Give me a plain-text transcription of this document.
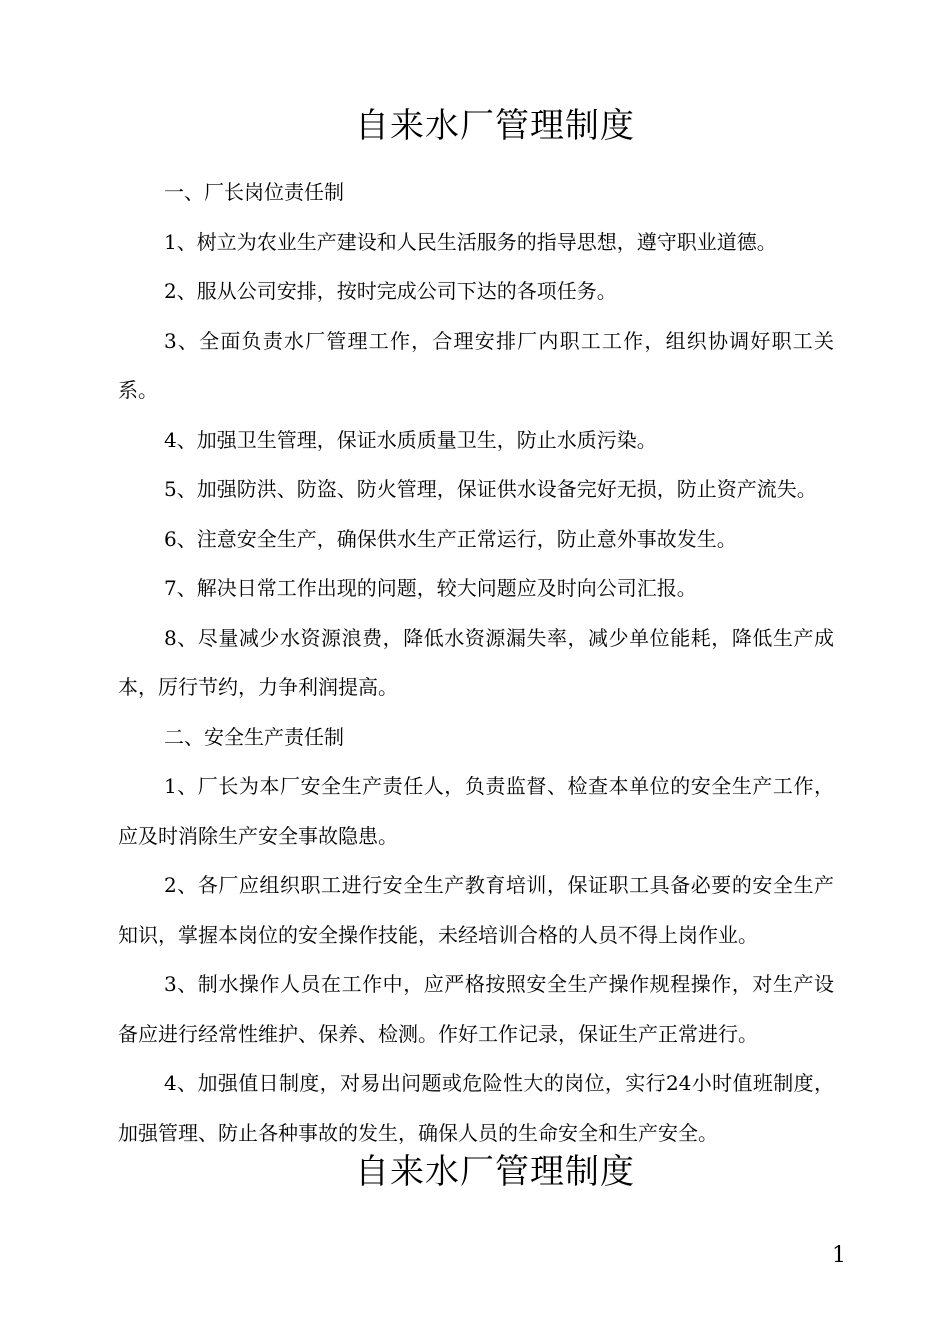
自来水厂管理制度

一、厂长岗位责任制

1、树立为农业生产建设和人民生活服务的指导思想，遵守职业道德。

2、服从公司安排，按时完成公司下达的各项任务。

3、全面负责水厂管理工作，合理安排厂内职工工作，组织协调好职工关系。

4、加强卫生管理，保证水质质量卫生，防止水质污染。

5、加强防洪、防盗、防火管理，保证供水设备完好无损，防止资产流失。

6、注意安全生产，确保供水生产正常运行，防止意外事故发生。

7、解决日常工作出现的问题，较大问题应及时向公司汇报。

8、尽量减少水资源浪费，降低水资源漏失率，减少单位能耗，降低生产成本，厉行节约，力争利润提高。

二、安全生产责任制

1、厂长为本厂安全生产责任人，负责监督、检查本单位的安全生产工作，应及时消除生产安全事故隐患。

2、各厂应组织职工进行安全生产教育培训，保证职工具备必要的安全生产知识，掌握本岗位的安全操作技能，未经培训合格的人员不得上岗作业。

3、制水操作人员在工作中，应严格按照安全生产操作规程操作，对生产设备应进行经常性维护、保养、检测。作好工作记录，保证生产正常进行。

4、加强值日制度，对易出问题或危险性大的岗位，实行24小时值班制度，加强管理、防止各种事故的发生，确保人员的生命安全和生产安全。

自来水厂管理制度
1
